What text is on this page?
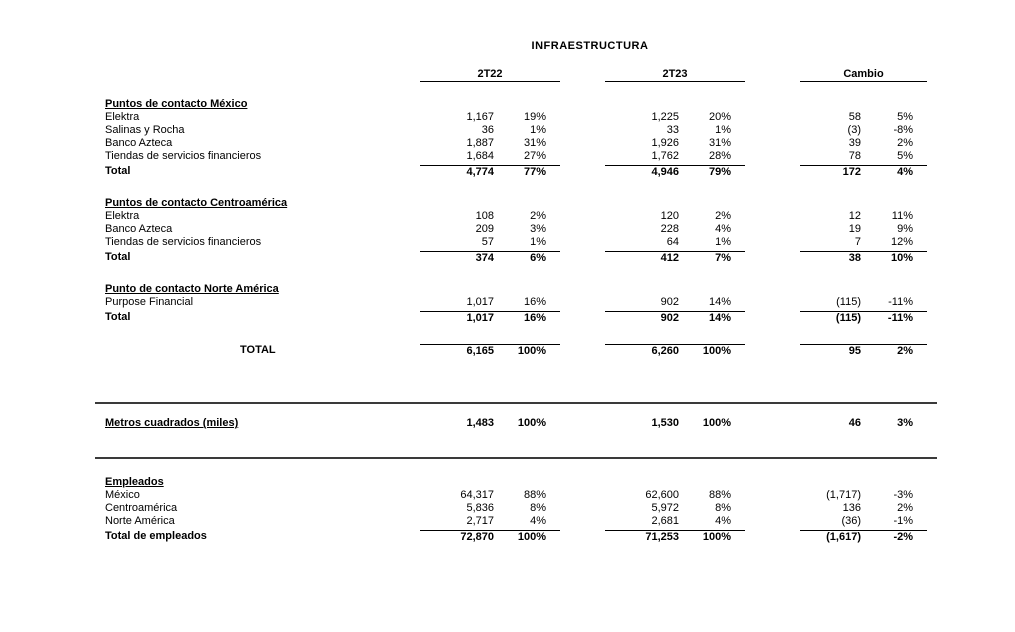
INFRAESTRUCTURA
2T22	2T23	Cambio
Puntos de contacto México
Elektra	1,167	19%	1,225	20%	58	5%
Salinas y Rocha	36	1%	33	1%	(3)	-8%
Banco Azteca	1,887	31%	1,926	31%	39	2%
Tiendas de servicios financieros	1,684	27%	1,762	28%	78	5%
Total	4,774	77%	4,946	79%	172	4%
Puntos de contacto Centroamérica
Elektra	108	2%	120	2%	12	11%
Banco Azteca	209	3%	228	4%	19	9%
Tiendas de servicios financieros	57	1%	64	1%	7	12%
Total	374	6%	412	7%	38	10%
Punto de contacto Norte América
Purpose Financial	1,017	16%	902	14%	(115)	-11%
Total	1,017	16%	902	14%	(115)	-11%
TOTAL	6,165	100%	6,260	100%	95	2%
Metros cuadrados (miles)	1,483	100%	1,530	100%	46	3%
Empleados
México	64,317	88%	62,600	88%	(1,717)	-3%
Centroamérica	5,836	8%	5,972	8%	136	2%
Norte América	2,717	4%	2,681	4%	(36)	-1%
Total de empleados	72,870	100%	71,253	100%	(1,617)	-2%
